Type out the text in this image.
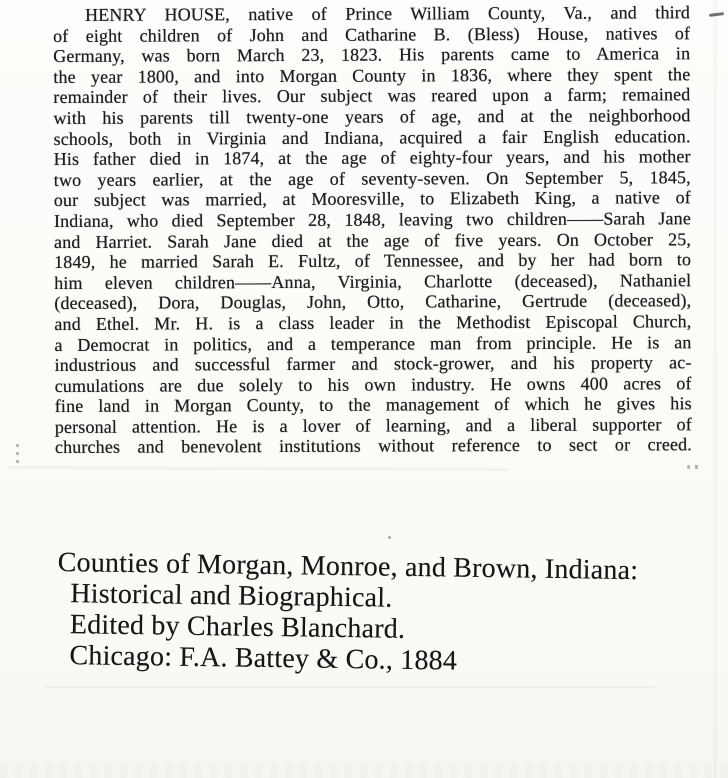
HENRY HOUSE, native of Prince William County, Va., and third
of eight children of John and Catharine B. (Bless) House, natives of
Germany, was born March 23, 1823. His parents came to America in
the year 1800, and into Morgan County in 1836, where they spent the
remainder of their lives. Our subject was reared upon a farm; remained
with his parents till twenty-one years of age, and at the neighborhood
schools, both in Virginia and Indiana, acquired a fair English education.
His father died in 1874, at the age of eighty-four years, and his mother
two years earlier, at the age of seventy-seven. On September 5, 1845,
our subject was married, at Mooresville, to Elizabeth King, a native of
Indiana, who died September 28, 1848, leaving two children——Sarah Jane
and Harriet. Sarah Jane died at the age of five years. On October 25,
1849, he married Sarah E. Fultz, of Tennessee, and by her had born to
him eleven children——Anna, Virginia, Charlotte (deceased), Nathaniel
(deceased), Dora, Douglas, John, Otto, Catharine, Gertrude (deceased),
and Ethel. Mr. H. is a class leader in the Methodist Episcopal Church,
a Democrat in politics, and a temperance man from principle. He is an
industrious and successful farmer and stock-grower, and his property ac-
cumulations are due solely to his own industry. He owns 400 acres of
fine land in Morgan County, to the management of which he gives his
personal attention. He is a lover of learning, and a liberal supporter of
churches and benevolent institutions without reference to sect or creed.
Counties of Morgan, Monroe, and Brown, Indiana:
Historical and Biographical.
Edited by Charles Blanchard.
Chicago: F.A. Battey & Co., 1884
